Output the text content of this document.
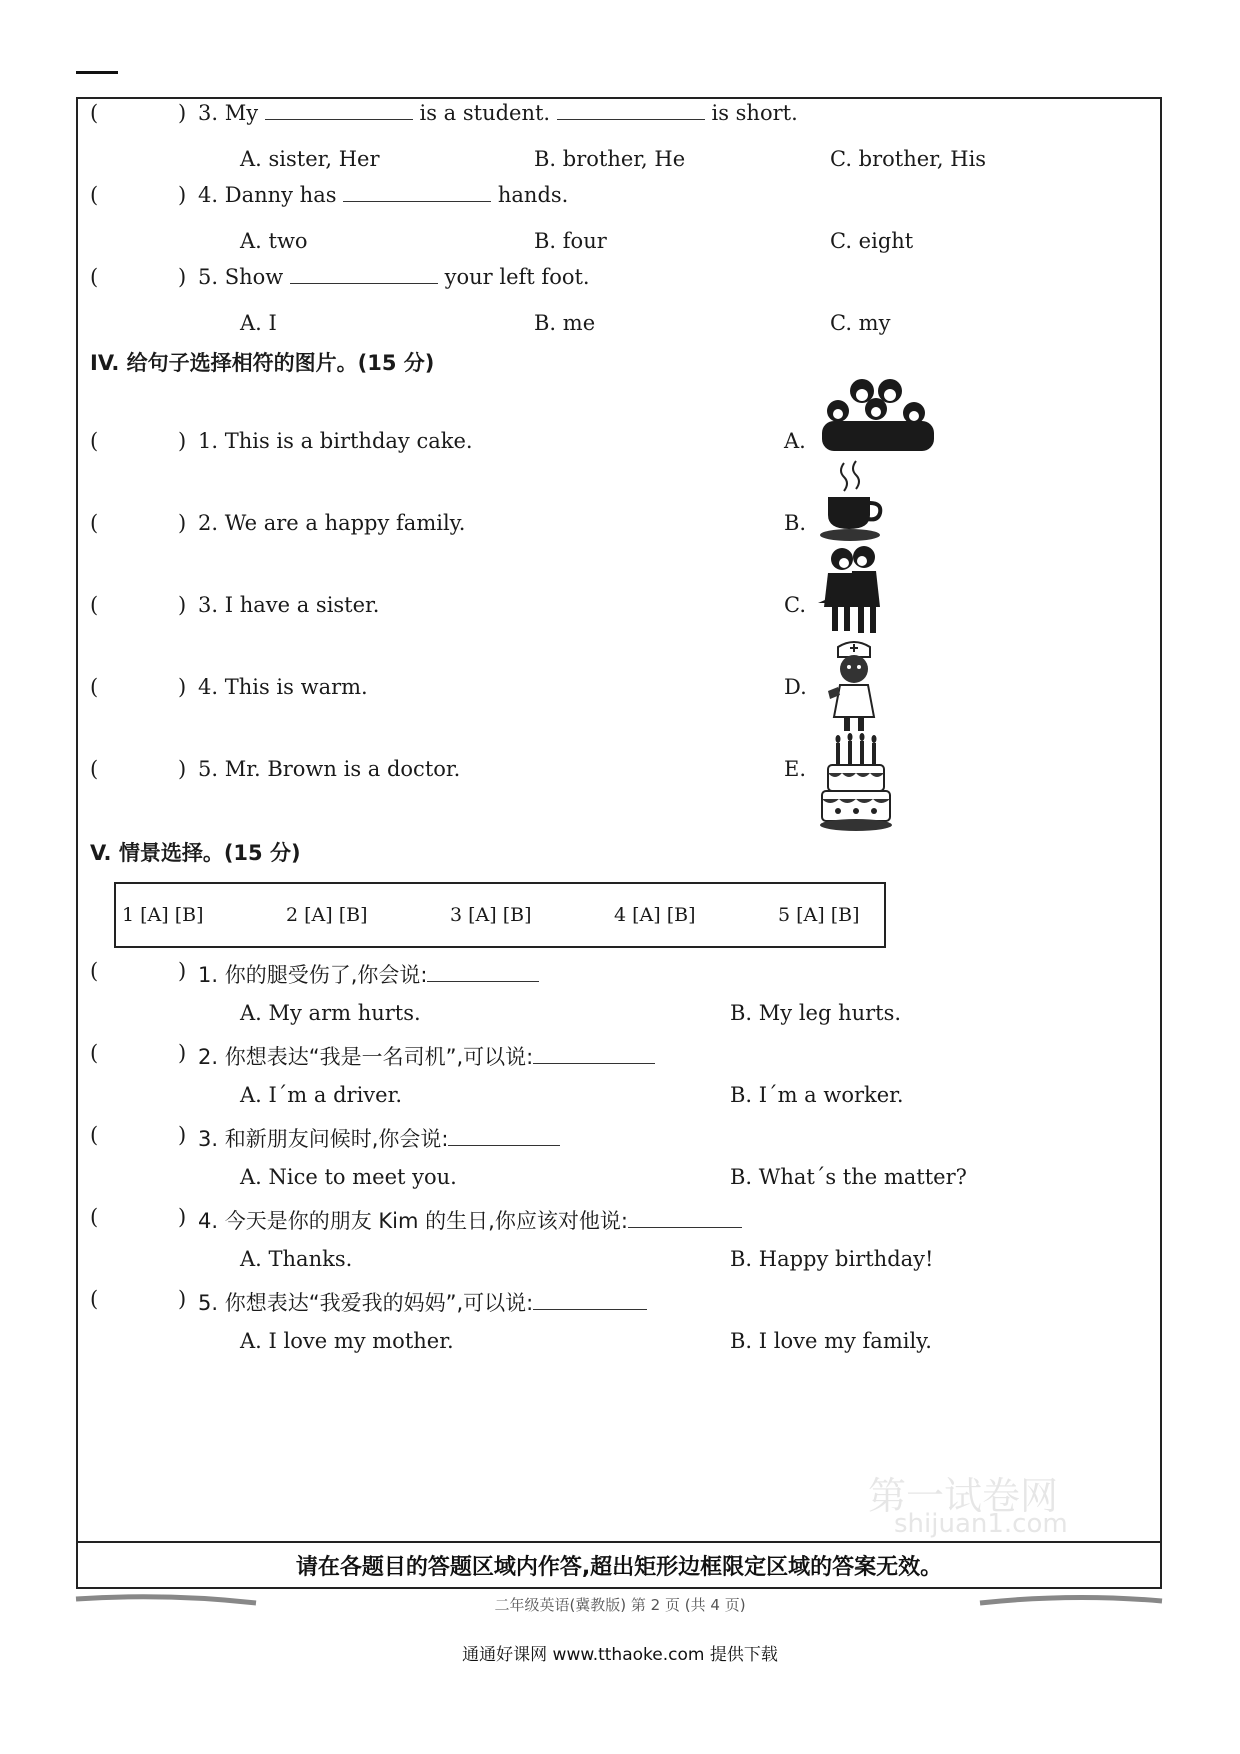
(	) 3. My	is a student.	is short.
A. sister, Her	B. brother, He	C. brother, His
(	) 4. Danny has	hands.
A. two	B. four	C. eight
(	) 5. Show	your left foot.
A. I	B. me	C. my
IV. 给句子选择相符的图片。(15 分)
(	) 1. This is a birthday cake.	A.
(	) 2. We are a happy family.	B.
(	) 3. I have a sister.	C.
(	) 4. This is warm.	D.
(	) 5. Mr. Brown is a doctor.	E.
V. 情景选择。(15 分)
1 [A] [B]	2 [A] [B]	3 [A] [B]	4 [A] [B]	5 [A] [B]
(	) 1. 你的腿受伤了,你会说:
A. My arm hurts.	B. My leg hurts.
(	) 2. 你想表达“我是一名司机”,可以说:
A. I´m a driver.	B. I´m a worker.
(	) 3. 和新朋友问候时,你会说:
A. Nice to meet you.	B. What´s the matter?
(	) 4. 今天是你的朋友 Kim 的生日,你应该对他说:
A. Thanks.	B. Happy birthday!
(	) 5. 你想表达“我爱我的妈妈”,可以说:
A. I love my mother.	B. I love my family.
第一试卷网
shijuan1.com
请在各题目的答题区域内作答,超出矩形边框限定区域的答案无效。
二年级英语(冀教版) 第 2 页 (共 4 页)
通通好课网 www.tthaoke.com 提供下载
